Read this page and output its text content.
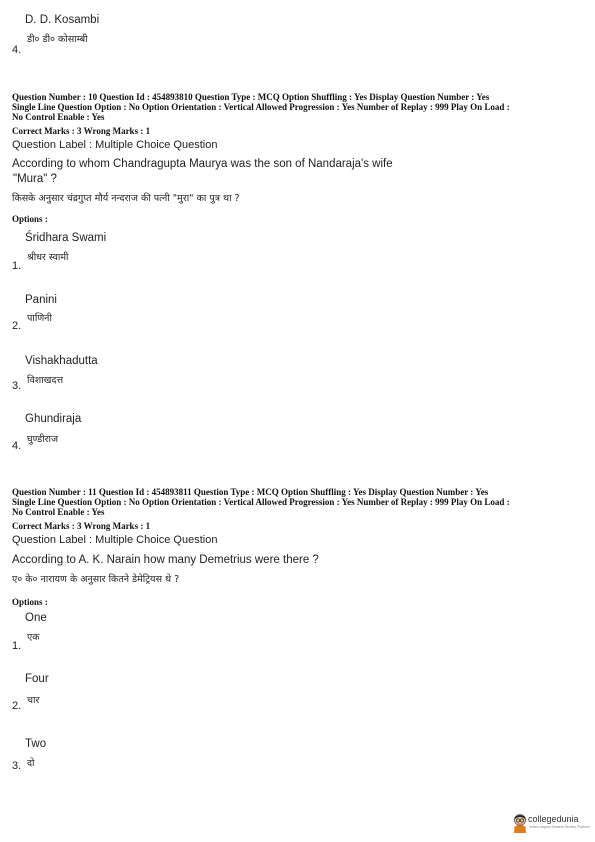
D. D. Kosambi
डी० डी० कोसाम्बी
4.
Question Number : 10 Question Id : 454893810 Question Type : MCQ Option Shuffling : Yes Display Question Number : Yes
Single Line Question Option : No Option Orientation : Vertical Allowed Progression : Yes Number of Replay : 999 Play On Load :
No Control Enable : Yes
Correct Marks : 3 Wrong Marks : 1
Question Label : Multiple Choice Question
According to whom Chandragupta Maurya was the son of Nandaraja's wife
"Mura" ?
किसके अनुसार चंद्रगुप्त मौर्य नन्दराज की पत्नी "मुरा" का पुत्र था ?
Options :
Śridhara Swami
श्रीधर स्वामी
1.
Panini
पाणिनी
2.
Vishakhadutta
विशाखदत्त
3.
Ghundiraja
घुण्डीराज
4.
Question Number : 11 Question Id : 454893811 Question Type : MCQ Option Shuffling : Yes Display Question Number : Yes
Single Line Question Option : No Option Orientation : Vertical Allowed Progression : Yes Number of Replay : 999 Play On Load :
No Control Enable : Yes
Correct Marks : 3 Wrong Marks : 1
Question Label : Multiple Choice Question
According to A. K. Narain how many Demetrius were there ?
ए० के० नारायण के अनुसार कितने डेमेट्रियस थे ?
Options :
One
एक
1.
Four
चार
2.
Two
दो
3.
collegedunia
India's largest Student Review Platform
